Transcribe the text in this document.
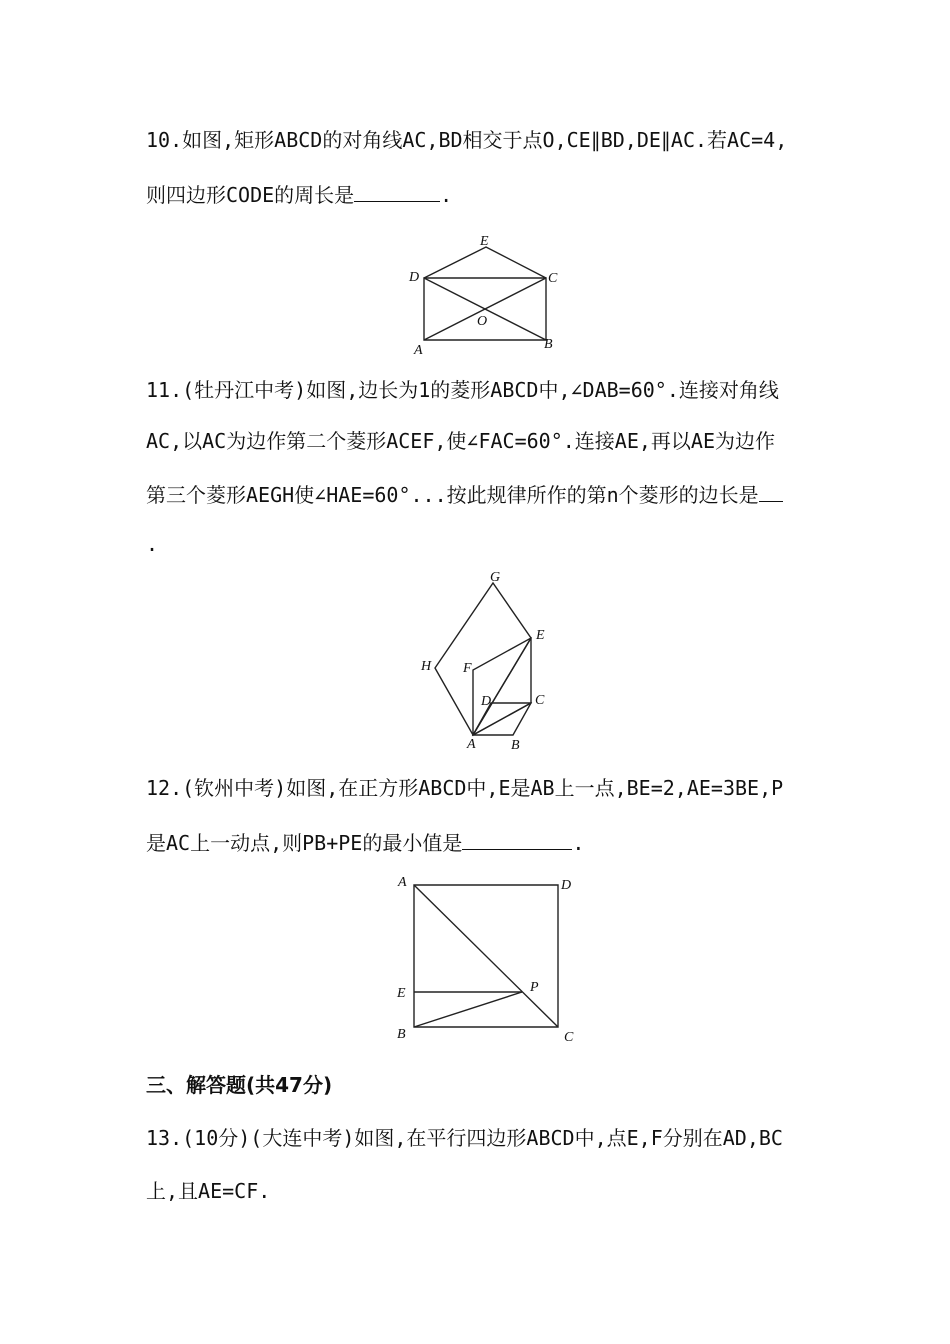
10.如图,矩形ABCD的对角线AC,BD相交于点O,CE∥BD,DE∥AC.若AC=4,
则四边形CODE的周长是	.
E
D	C
O
A	B
11.(牡丹江中考)如图,边长为1的菱形ABCD中,∠DAB=60°.连接对角线
AC,以AC为边作第二个菱形ACEF,使∠FAC=60°.连接AE,再以AE为边作
第三个菱形AEGH使∠HAE=60°...按此规律所作的第n个菱形的边长是
.
G
E
H F
D	C
A	B
12.(钦州中考)如图,在正方形ABCD中,E是AB上一点,BE=2,AE=3BE,P
是AC上一动点,则PB+PE的最小值是	.
A	D
E	P
B	C
三、解答题(共47分)
13.(10分)(大连中考)如图,在平行四边形ABCD中,点E,F分别在AD,BC
上,且AE=CF.
